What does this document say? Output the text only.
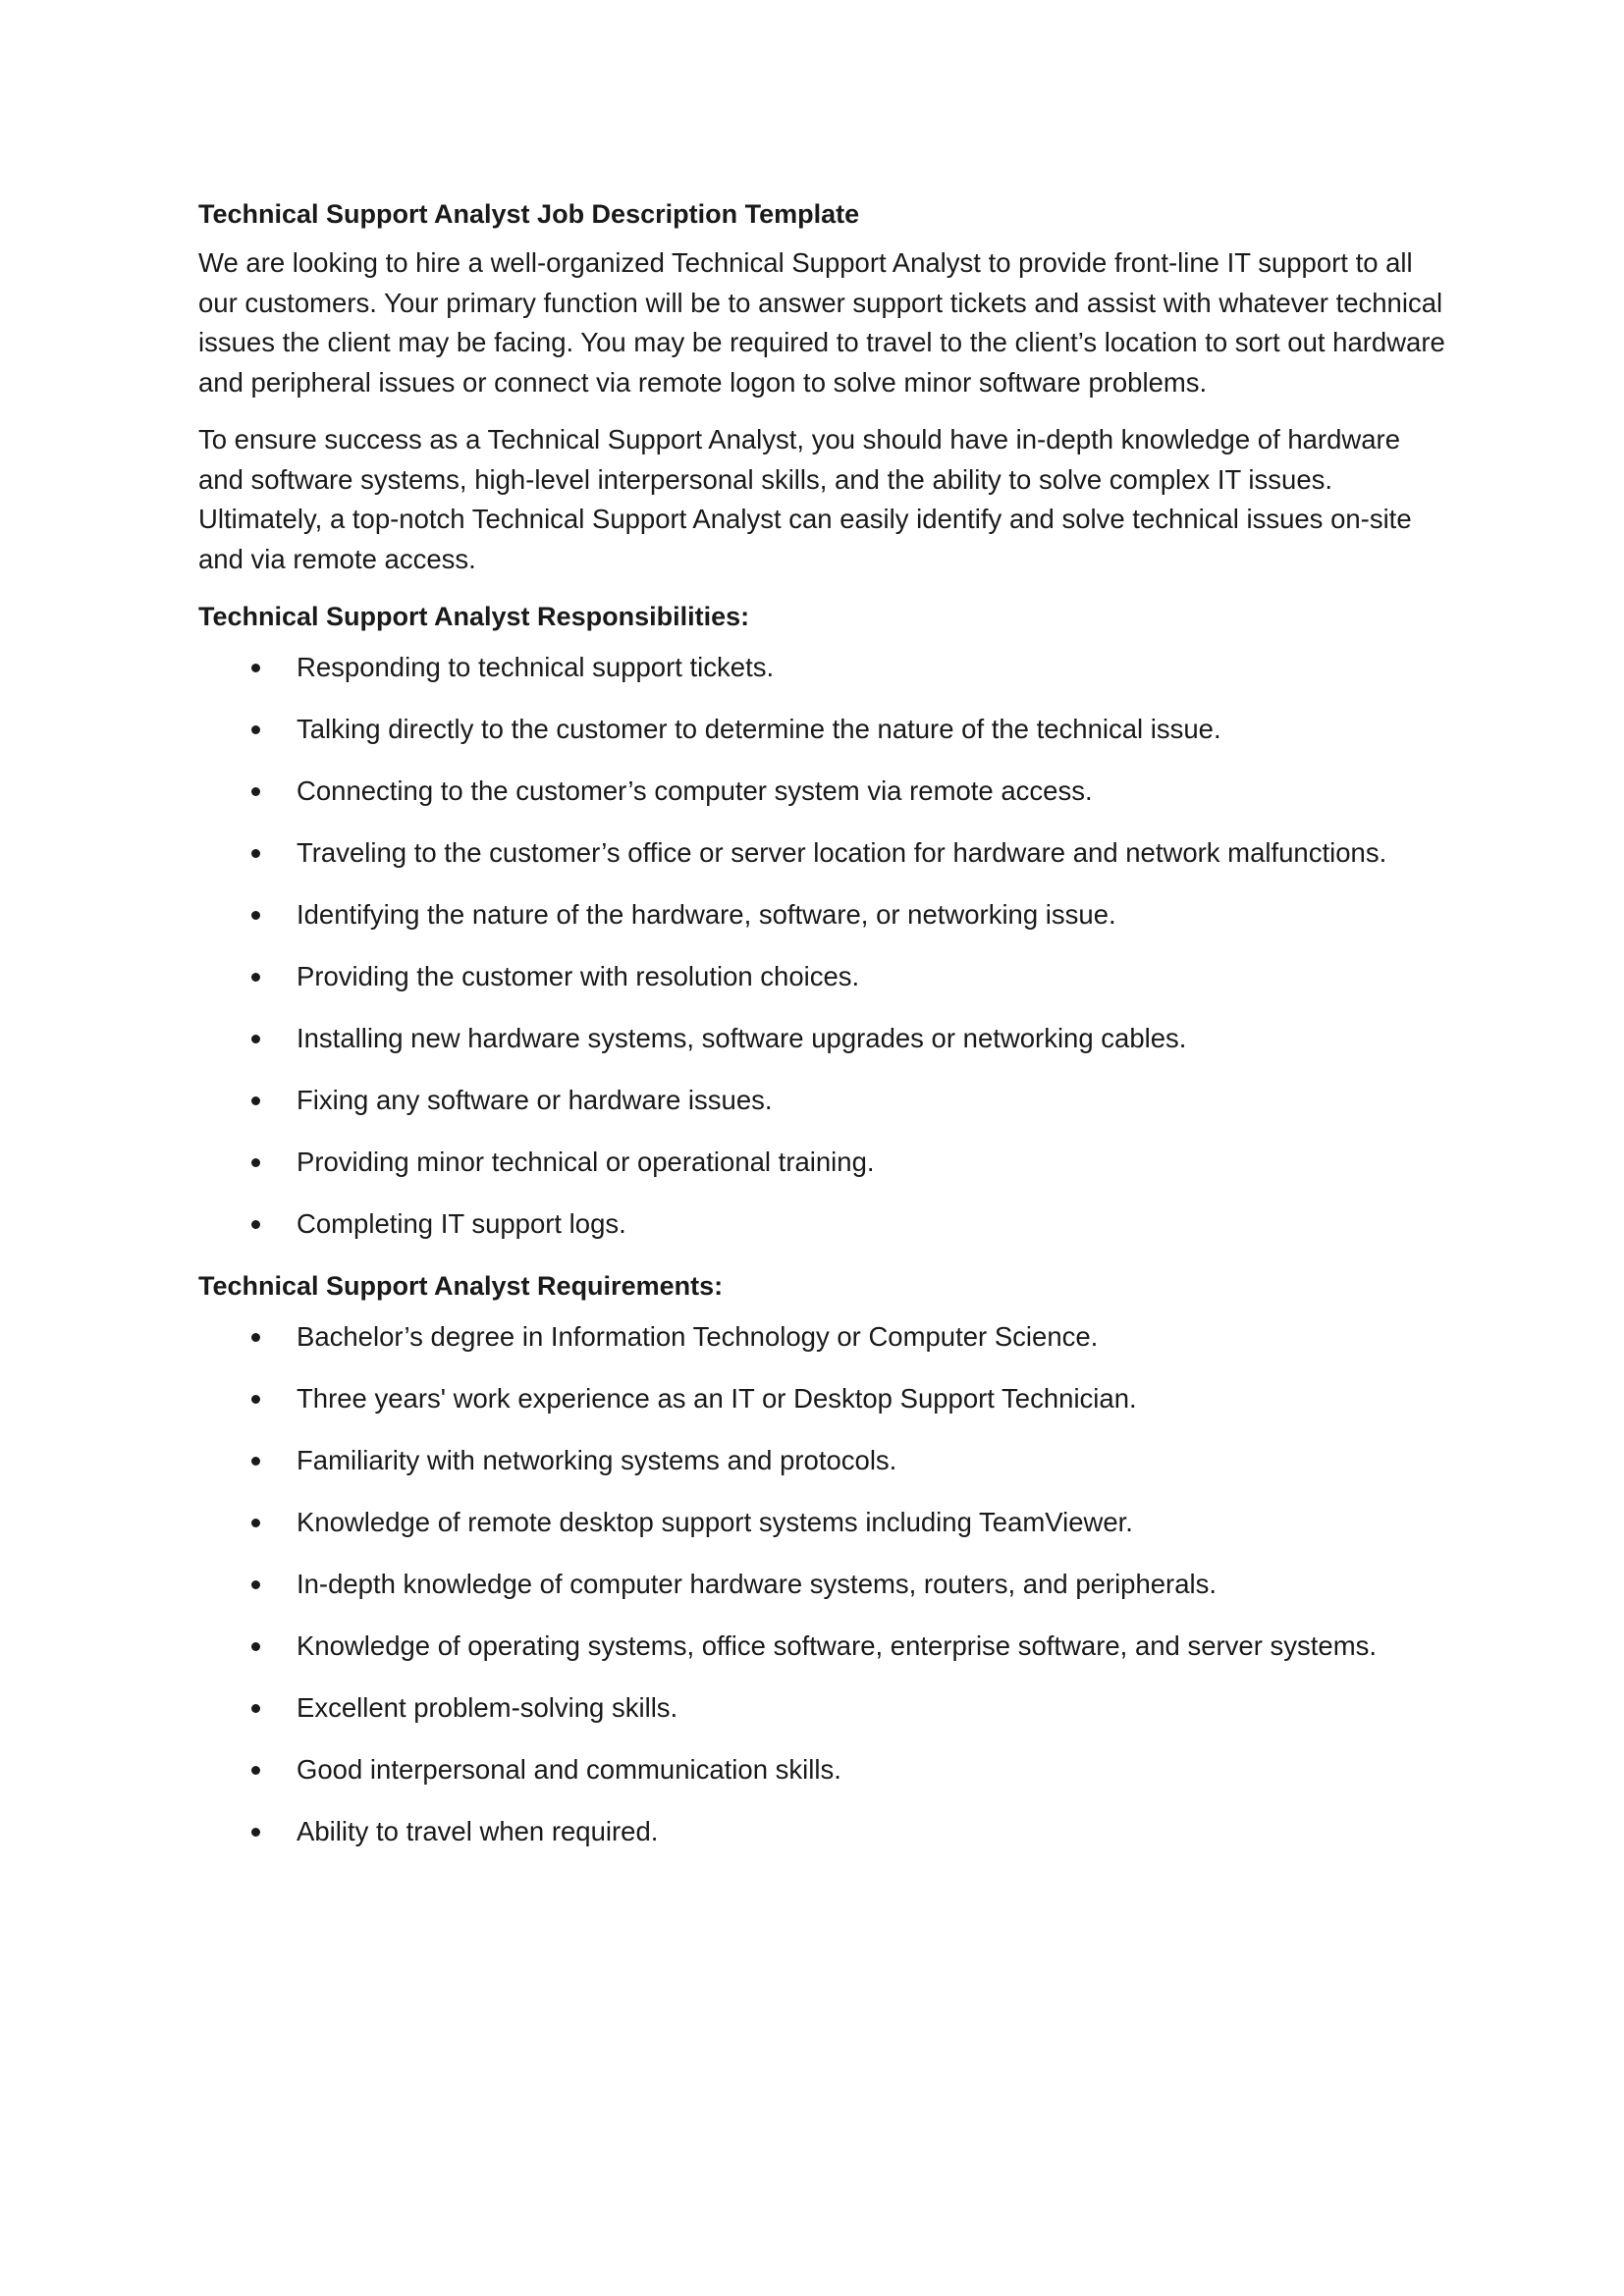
Technical Support Analyst Job Description Template

We are looking to hire a well-organized Technical Support Analyst to provide front-line IT support to all our customers. Your primary function will be to answer support tickets and assist with whatever technical issues the client may be facing. You may be required to travel to the client’s location to sort out hardware and peripheral issues or connect via remote logon to solve minor software problems.

To ensure success as a Technical Support Analyst, you should have in-depth knowledge of hardware and software systems, high-level interpersonal skills, and the ability to solve complex IT issues. Ultimately, a top-notch Technical Support Analyst can easily identify and solve technical issues on-site and via remote access.

Technical Support Analyst Responsibilities:
Responding to technical support tickets.
Talking directly to the customer to determine the nature of the technical issue.
Connecting to the customer’s computer system via remote access.
Traveling to the customer’s office or server location for hardware and network malfunctions.
Identifying the nature of the hardware, software, or networking issue.
Providing the customer with resolution choices.
Installing new hardware systems, software upgrades or networking cables.
Fixing any software or hardware issues.
Providing minor technical or operational training.
Completing IT support logs.
Technical Support Analyst Requirements:
Bachelor’s degree in Information Technology or Computer Science.
Three years' work experience as an IT or Desktop Support Technician.
Familiarity with networking systems and protocols.
Knowledge of remote desktop support systems including TeamViewer.
In-depth knowledge of computer hardware systems, routers, and peripherals.
Knowledge of operating systems, office software, enterprise software, and server systems.
Excellent problem-solving skills.
Good interpersonal and communication skills.
Ability to travel when required.
